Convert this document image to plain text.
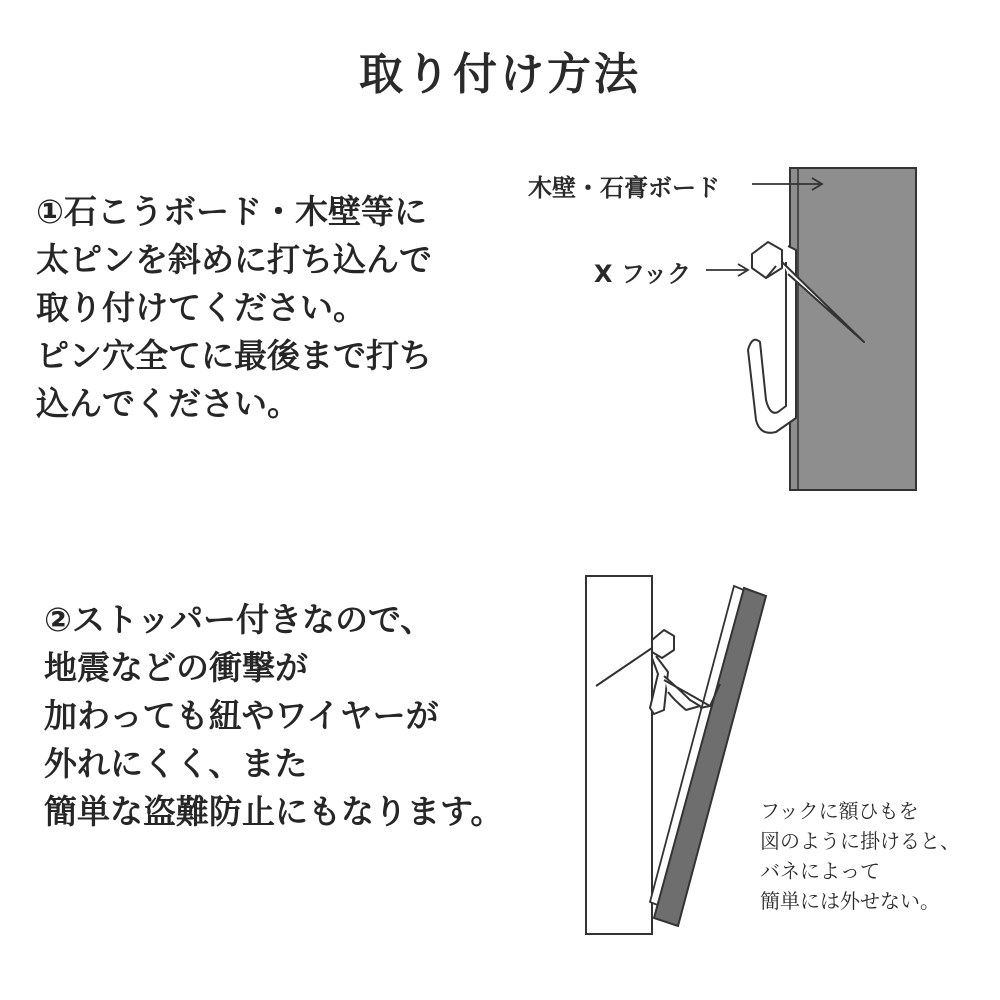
取り付け方法
①石こうボード・木壁等に
太ピンを斜めに打ち込んで
取り付けてください。
ピン穴全てに最後まで打ち
込んでください。
木壁・石膏ボード
X フック
②ストッパー付きなので、
地震などの衝撃が
加わっても紐やワイヤーが
外れにくく、また
簡単な盗難防止にもなります。	フックに額ひもを
図のように掛けると、
バネによって
簡単には外せない。
